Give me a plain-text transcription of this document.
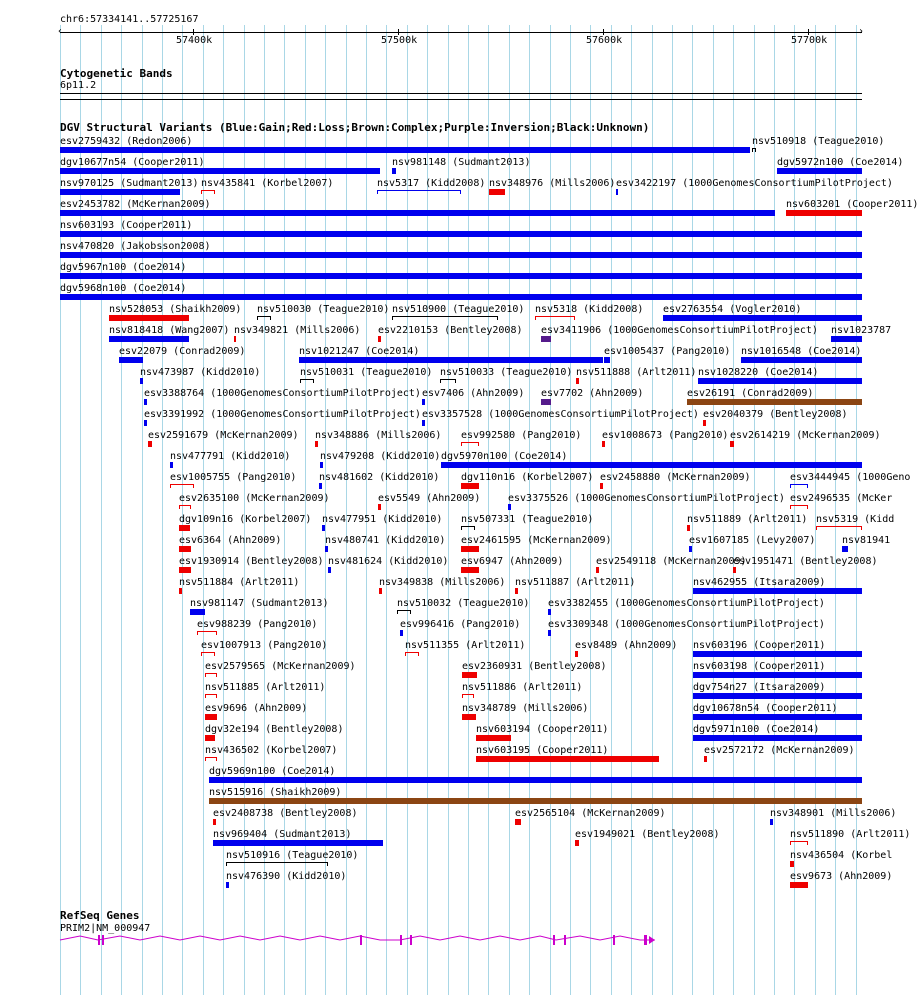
chr6:57334141..57725167
‹	›
57400k	57500k	57600k	57700k
Cytogenetic Bands
6p11.2
DGV Structural Variants (Blue:Gain;Red:Loss;Brown:Complex;Purple:Inversion;Black:Unknown)
esv2759432 (Redon2006)	nsv510918 (Teague2010)
dgv10677n54 (Cooper2011)	nsv981148 (Sudmant2013)	dgv5972n100 (Coe2014)
nsv970125 (Sudmant2013) nsv435841 (Korbel2007)	nsv5317 (Kidd2008) nsv348976 (Mills2006) esv3422197 (1000GenomesConsortiumPilotProject)
esv2453782 (McKernan2009)	nsv603201 (Cooper2011)
nsv603193 (Cooper2011)
nsv470820 (Jakobsson2008)
dgv5967n100 (Coe2014)
dgv5968n100 (Coe2014)
nsv528053 (Shaikh2009) nsv510030 (Teague2010) nsv510900 (Teague2010) nsv5318 (Kidd2008) esv2763554 (Vogler2010)
nsv818418 (Wang2007) nsv349821 (Mills2006) esv2210153 (Bentley2008) esv3411906 (1000GenomesConsortiumPilotProject) nsv1023787
esv22079 (Conrad2009)	nsv1021247 (Coe2014)	esv1005437 (Pang2010) nsv1016548 (Coe2014)
nsv473987 (Kidd2010)	nsv510031 (Teague2010) nsv510033 (Teague2010) nsv511888 (Arlt2011) nsv1028220 (Coe2014)
esv3388764 (1000GenomesConsortiumPilotProject) esv7406 (Ahn2009) esv7702 (Ahn2009)	esv26191 (Conrad2009)
esv3391992 (1000GenomesConsortiumPilotProject) esv3357528 (1000GenomesConsortiumPilotProject) esv2040379 (Bentley2008)
esv2591679 (McKernan2009) nsv348886 (Mills2006) esv992580 (Pang2010) esv1008673 (Pang2010) esv2614219 (McKernan2009)
nsv477791 (Kidd2010)	nsv479208 (Kidd2010) dgv5970n100 (Coe2014)
esv1005755 (Pang2010) nsv481602 (Kidd2010) dgv110n16 (Korbel2007) esv2458880 (McKernan2009)	esv3444945 (1000Geno
esv2635100 (McKernan2009)	esv5549 (Ahn2009)	esv3375526 (1000GenomesConsortiumPilotProject) esv2496535 (McKer
dgv109n16 (Korbel2007) nsv477951 (Kidd2010) nsv507331 (Teague2010)	nsv511889 (Arlt2011) nsv5319 (Kidd
esv6364 (Ahn2009)	nsv480741 (Kidd2010) esv2461595 (McKernan2009)	esv1607185 (Levy2007)	nsv81941
esv1930914 (Bentley2008) nsv481624 (Kidd2010) esv6947 (Ahn2009)	esv2549118 (McKernan2009)
esv1951471 (Bentley2008)
nsv511884 (Arlt2011)	nsv349838 (Mills2006) nsv511887 (Arlt2011)	nsv462955 (Itsara2009)
nsv981147 (Sudmant2013)	nsv510032 (Teague2010) esv3382455 (1000GenomesConsortiumPilotProject)
esv988239 (Pang2010)	esv996416 (Pang2010)	esv3309348 (1000GenomesConsortiumPilotProject)
esv1007913 (Pang2010)	nsv511355 (Arlt2011)	esv8489 (Ahn2009) nsv603196 (Cooper2011)
esv2579565 (McKernan2009)	esv2360931 (Bentley2008)	nsv603198 (Cooper2011)
nsv511885 (Arlt2011)	nsv511886 (Arlt2011)	dgv754n27 (Itsara2009)
esv9696 (Ahn2009)	nsv348789 (Mills2006)	dgv10678n54 (Cooper2011)
dgv32e194 (Bentley2008)	nsv603194 (Cooper2011)	dgv5971n100 (Coe2014)
nsv436502 (Korbel2007)	nsv603195 (Cooper2011)	esv2572172 (McKernan2009)
dgv5969n100 (Coe2014)
nsv515916 (Shaikh2009)
esv2408738 (Bentley2008)	esv2565104 (McKernan2009)	nsv348901 (Mills2006)
nsv969404 (Sudmant2013)	esv1949021 (Bentley2008)	nsv511890 (Arlt2011)
nsv510916 (Teague2010)	nsv436504 (Korbel
nsv476390 (Kidd2010)	esv9673 (Ahn2009)
RefSeq Genes
PRIM2|NM_000947
